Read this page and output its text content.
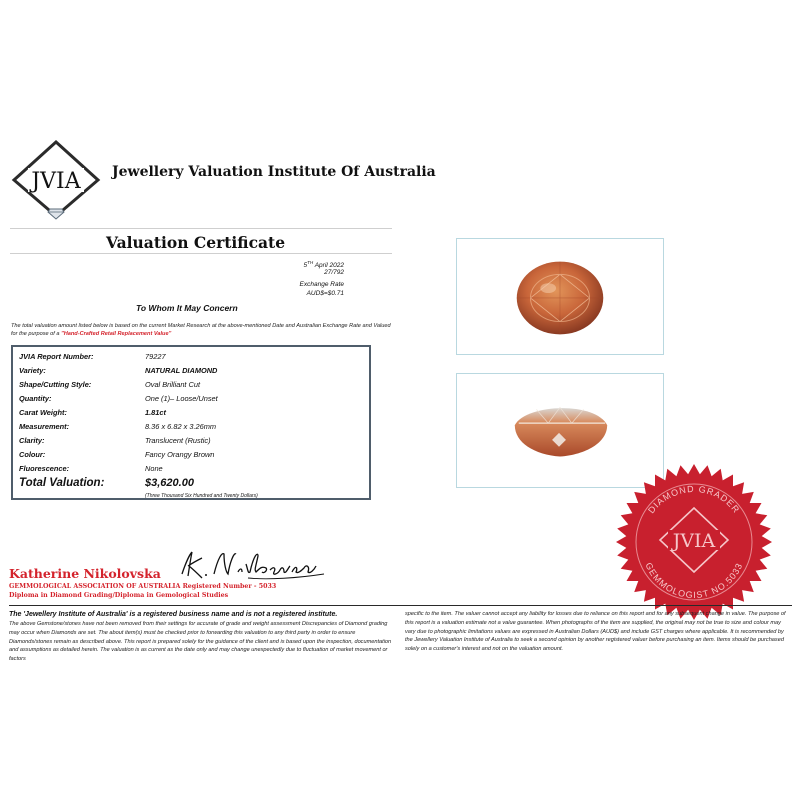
JVIA Jewellery Valuation Institute Of Australia
Valuation Certificate
5TH April 2022
27/792
Exchange Rate
AUD$=$0.71
To Whom It May Concern
The total valuation amount listed below is based on the current Market Research at the above-mentioned Date and Australian Exchange Rate and Valued for the purpose of a "Hand-Crafted Retail Replacement Value"
JVIA Report Number:	79227
Variety:	NATURAL DIAMOND
Shape/Cutting Style:	Oval Brilliant Cut
Quantity:	One (1)– Loose/Unset
Carat Weight:	1.81ct
Measurement:	8.36 x 6.82 x 3.26mm
Clarity:	Translucent (Rustic)
Colour:	Fancy Orangy Brown
Fluorescence:	None
Total Valuation:	$3,620.00
(Three Thousand Six Hundred and Twenty Dollars)
Katherine Nikolovska
K. Nikolovska
GEMMOLOGICAL ASSOCIATION OF AUSTRALIA Registered Number - 5033
Diploma in Diamond Grading/Diploma in Gemological Studies
DIAMOND GRADER
GEMMOLOGIST NO.5033
JVIA
The 'Jewellery Institute of Australia' is a registered business name and is not a registered institute.
The above Gemstone/stones have not been removed from their settings for accurate of grade and weight assessment Discrepancies of Diamond grading may occur when Diamonds are set. The about item(s) must be checked prior to forwarding this valuation to any third party in order to ensure Diamonds/stones remain as described above. This report is prepared solely for the guidance of the client and is based upon the inspection, documentation and assumptions as detailed herein. The valuation is as current as the date only and may change unexpectedly due to fluctuation of market movement or factors
specific to the item. The valuer cannot accept any liability for losses due to reliance on this report and for any subsequent change in value. The purpose of this report is a valuation estimate not a value guarantee. When photographs of the item are supplied, the original may not be true to size and colour may vary due to photographic limitations values are expressed in Australian Dollars (AUD$) and include GST charges where applicable. It is recommended by the Jewellery Valuation Institute of Australia to seek a second opinion by another registered valuer before purchasing an item. Items should be purchased solely on a customer's interest and not on the valuation amount.
